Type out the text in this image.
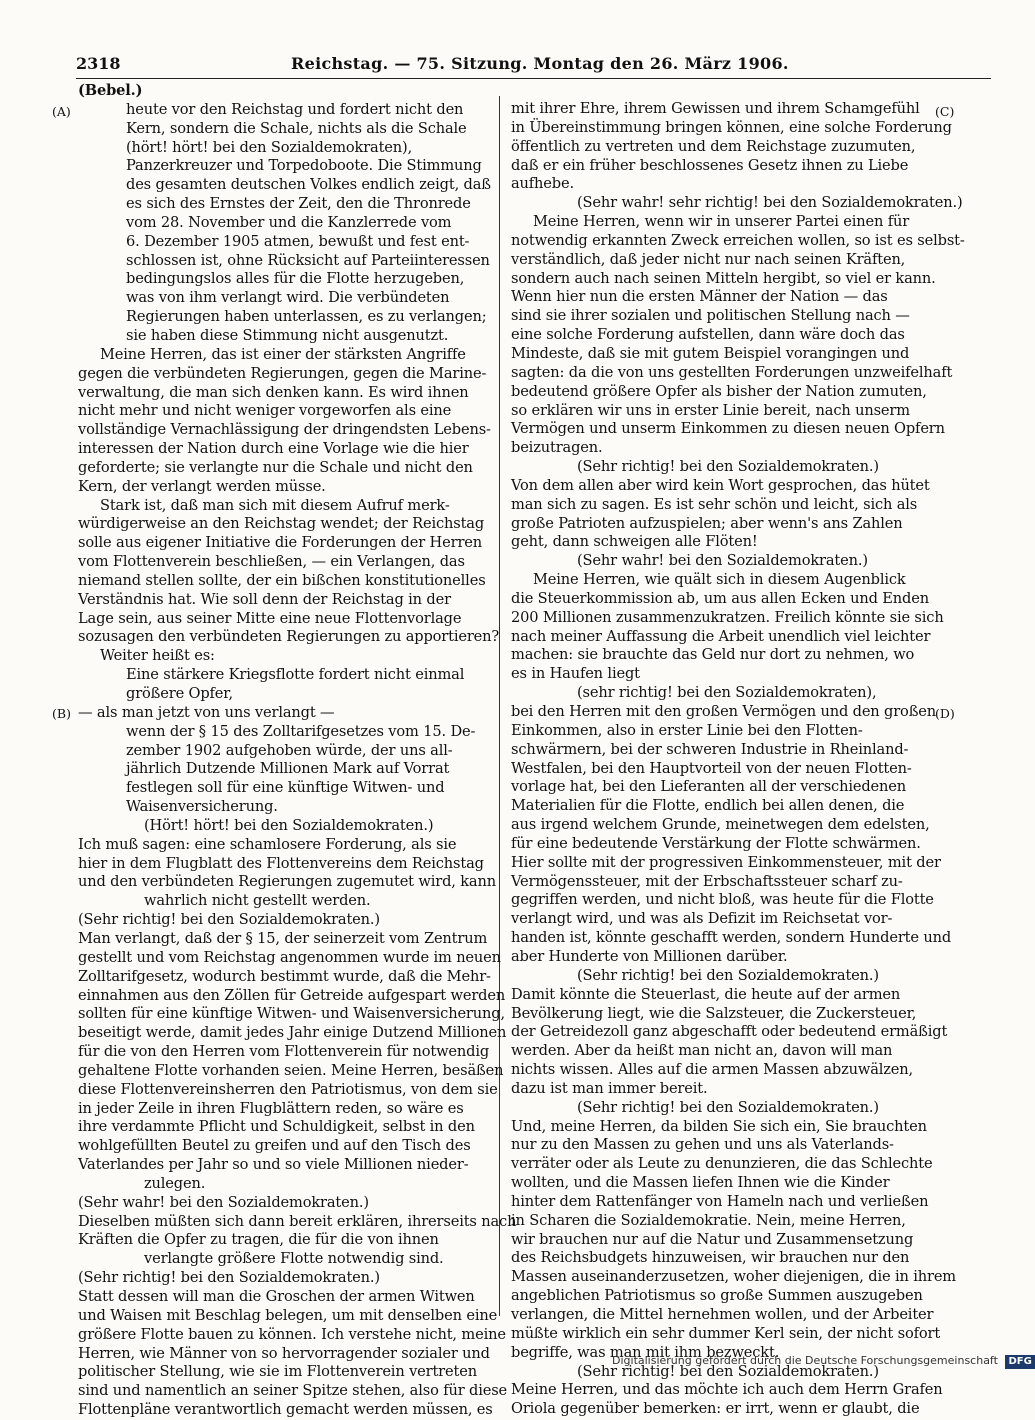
2318	Reichstag. — 75. Sitzung. Montag den 26. März 1906.
(A)
(B)
(C)
(D)
(Bebel.)
heute vor den Reichstag und fordert nicht den
Kern, sondern die Schale, nichts als die Schale
(hört! hört! bei den Sozialdemokraten),
Panzerkreuzer und Torpedoboote. Die Stimmung
des gesamten deutschen Volkes endlich zeigt, daß
es sich des Ernstes der Zeit, den die Thronrede
vom 28. November und die Kanzlerrede vom
6. Dezember 1905 atmen, bewußt und fest ent-
schlossen ist, ohne Rücksicht auf Parteiinteressen
bedingungslos alles für die Flotte herzugeben,
was von ihm verlangt wird. Die verbündeten
Regierungen haben unterlassen, es zu verlangen;
sie haben diese Stimmung nicht ausgenutzt.
Meine Herren, das ist einer der stärksten Angriffe
gegen die verbündeten Regierungen, gegen die Marine-
verwaltung, die man sich denken kann. Es wird ihnen
nicht mehr und nicht weniger vorgeworfen als eine
vollständige Vernachlässigung der dringendsten Lebens-
interessen der Nation durch eine Vorlage wie die hier
geforderte; sie verlangte nur die Schale und nicht den
Kern, der verlangt werden müsse.
Stark ist, daß man sich mit diesem Aufruf merk-
würdigerweise an den Reichstag wendet; der Reichstag
solle aus eigener Initiative die Forderungen der Herren
vom Flottenverein beschließen, — ein Verlangen, das
niemand stellen sollte, der ein bißchen konstitutionelles
Verständnis hat. Wie soll denn der Reichstag in der
Lage sein, aus seiner Mitte eine neue Flottenvorlage
sozusagen den verbündeten Regierungen zu apportieren?
Weiter heißt es:
Eine stärkere Kriegsflotte fordert nicht einmal
größere Opfer,
— als man jetzt von uns verlangt —
wenn der § 15 des Zolltarifgesetzes vom 15. De-
zember 1902 aufgehoben würde, der uns all-
jährlich Dutzende Millionen Mark auf Vorrat
festlegen soll für eine künftige Witwen- und
Waisenversicherung.
(Hört! hört! bei den Sozialdemokraten.)
Ich muß sagen: eine schamlosere Forderung, als sie
hier in dem Flugblatt des Flottenvereins dem Reichstag
und den verbündeten Regierungen zugemutet wird, kann
wahrlich nicht gestellt werden.
(Sehr richtig! bei den Sozialdemokraten.)
Man verlangt, daß der § 15, der seinerzeit vom Zentrum
gestellt und vom Reichstag angenommen wurde im neuen
Zolltarifgesetz, wodurch bestimmt wurde, daß die Mehr-
einnahmen aus den Zöllen für Getreide aufgespart werden
sollten für eine künftige Witwen- und Waisenversicherung,
beseitigt werde, damit jedes Jahr einige Dutzend Millionen
für die von den Herren vom Flottenverein für notwendig
gehaltene Flotte vorhanden seien. Meine Herren, besäßen
diese Flottenvereinsherren den Patriotismus, von dem sie
in jeder Zeile in ihren Flugblättern reden, so wäre es
ihre verdammte Pflicht und Schuldigkeit, selbst in den
wohlgefüllten Beutel zu greifen und auf den Tisch des
Vaterlandes per Jahr so und so viele Millionen nieder-
zulegen.
(Sehr wahr! bei den Sozialdemokraten.)
Dieselben müßten sich dann bereit erklären, ihrerseits nach
Kräften die Opfer zu tragen, die für die von ihnen
verlangte größere Flotte notwendig sind.
(Sehr richtig! bei den Sozialdemokraten.)
Statt dessen will man die Groschen der armen Witwen
und Waisen mit Beschlag belegen, um mit denselben eine
größere Flotte bauen zu können. Ich verstehe nicht, meine
Herren, wie Männer von so hervorragender sozialer und
politischer Stellung, wie sie im Flottenverein vertreten
sind und namentlich an seiner Spitze stehen, also für diese
Flottenpläne verantwortlich gemacht werden müssen, es
mit ihrer Ehre, ihrem Gewissen und ihrem Schamgefühl
in Übereinstimmung bringen können, eine solche Forderung
öffentlich zu vertreten und dem Reichstage zuzumuten,
daß er ein früher beschlossenes Gesetz ihnen zu Liebe
aufhebe.
(Sehr wahr! sehr richtig! bei den Sozialdemokraten.)
Meine Herren, wenn wir in unserer Partei einen für
notwendig erkannten Zweck erreichen wollen, so ist es selbst-
verständlich, daß jeder nicht nur nach seinen Kräften,
sondern auch nach seinen Mitteln hergibt, so viel er kann.
Wenn hier nun die ersten Männer der Nation — das
sind sie ihrer sozialen und politischen Stellung nach —
eine solche Forderung aufstellen, dann wäre doch das
Mindeste, daß sie mit gutem Beispiel vorangingen und
sagten: da die von uns gestellten Forderungen unzweifelhaft
bedeutend größere Opfer als bisher der Nation zumuten,
so erklären wir uns in erster Linie bereit, nach unserm
Vermögen und unserm Einkommen zu diesen neuen Opfern
beizutragen.
(Sehr richtig! bei den Sozialdemokraten.)
Von dem allen aber wird kein Wort gesprochen, das hütet
man sich zu sagen. Es ist sehr schön und leicht, sich als
große Patrioten aufzuspielen; aber wenn's ans Zahlen
geht, dann schweigen alle Flöten!
(Sehr wahr! bei den Sozialdemokraten.)
Meine Herren, wie quält sich in diesem Augenblick
die Steuerkommission ab, um aus allen Ecken und Enden
200 Millionen zusammenzukratzen. Freilich könnte sie sich
nach meiner Auffassung die Arbeit unendlich viel leichter
machen: sie brauchte das Geld nur dort zu nehmen, wo
es in Haufen liegt
(sehr richtig! bei den Sozialdemokraten),
bei den Herren mit den großen Vermögen und den großen
Einkommen, also in erster Linie bei den Flotten-
schwärmern, bei der schweren Industrie in Rheinland-
Westfalen, bei den Hauptvorteil von der neuen Flotten-
vorlage hat, bei den Lieferanten all der verschiedenen
Materialien für die Flotte, endlich bei allen denen, die
aus irgend welchem Grunde, meinetwegen dem edelsten,
für eine bedeutende Verstärkung der Flotte schwärmen.
Hier sollte mit der progressiven Einkommensteuer, mit der
Vermögenssteuer, mit der Erbschaftssteuer scharf zu-
gegriffen werden, und nicht bloß, was heute für die Flotte
verlangt wird, und was als Defizit im Reichsetat vor-
handen ist, könnte geschafft werden, sondern Hunderte und
aber Hunderte von Millionen darüber.
(Sehr richtig! bei den Sozialdemokraten.)
Damit könnte die Steuerlast, die heute auf der armen
Bevölkerung liegt, wie die Salzsteuer, die Zuckersteuer,
der Getreidezoll ganz abgeschafft oder bedeutend ermäßigt
werden. Aber da heißt man nicht an, davon will man
nichts wissen. Alles auf die armen Massen abzuwälzen,
dazu ist man immer bereit.
(Sehr richtig! bei den Sozialdemokraten.)
Und, meine Herren, da bilden Sie sich ein, Sie brauchten
nur zu den Massen zu gehen und uns als Vaterlands-
verräter oder als Leute zu denunzieren, die das Schlechte
wollten, und die Massen liefen Ihnen wie die Kinder
hinter dem Rattenfänger von Hameln nach und verließen
in Scharen die Sozialdemokratie. Nein, meine Herren,
wir brauchen nur auf die Natur und Zusammensetzung
des Reichsbudgets hinzuweisen, wir brauchen nur den
Massen auseinanderzusetzen, woher diejenigen, die in ihrem
angeblichen Patriotismus so große Summen auszugeben
verlangen, die Mittel hernehmen wollen, und der Arbeiter
müßte wirklich ein sehr dummer Kerl sein, der nicht sofort
begriffe, was man mit ihm bezweckt.
(Sehr richtig! bei den Sozialdemokraten.)
Meine Herren, und das möchte ich auch dem Herrn Grafen
Oriola gegenüber bemerken: er irrt, wenn er glaubt, die
Digitalisierung gefördert durch die Deutsche Forschungsgemeinschaft DFG
